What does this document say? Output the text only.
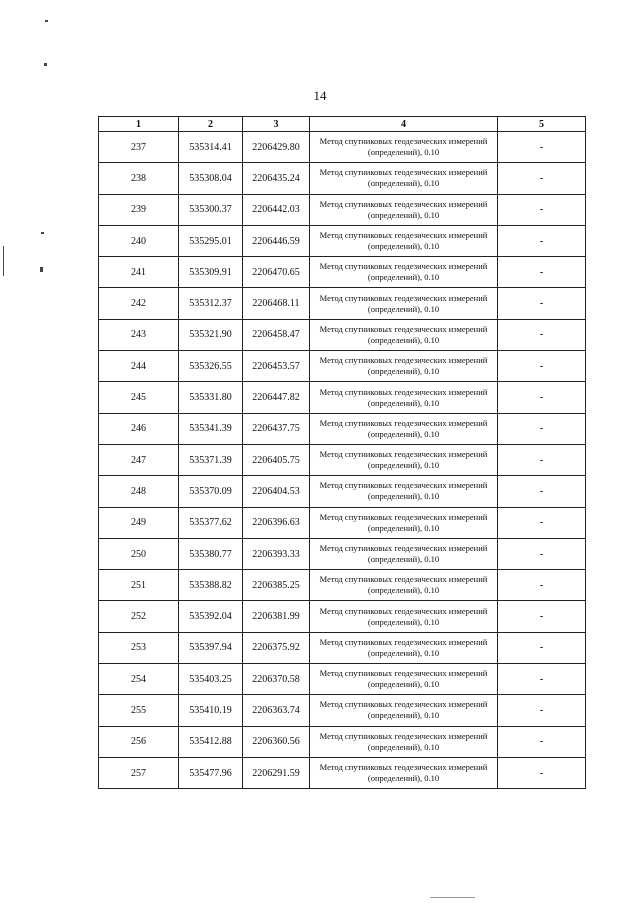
14
1	2	3	4	5
237	535314.41	2206429.80	Метод спутниковых геодезических измерений (определений), 0.10	-
238	535308.04	2206435.24	Метод спутниковых геодезических измерений (определений), 0.10	-
239	535300.37	2206442.03	Метод спутниковых геодезических измерений (определений), 0.10	-
240	535295.01	2206446.59	Метод спутниковых геодезических измерений (определений), 0.10	-
241	535309.91	2206470.65	Метод спутниковых геодезических измерений (определений), 0.10	-
242	535312.37	2206468.11	Метод спутниковых геодезических измерений (определений), 0.10	-
243	535321.90	2206458.47	Метод спутниковых геодезических измерений (определений), 0.10	-
244	535326.55	2206453.57	Метод спутниковых геодезических измерений (определений), 0.10	-
245	535331.80	2206447.82	Метод спутниковых геодезических измерений (определений), 0.10	-
246	535341.39	2206437.75	Метод спутниковых геодезических измерений (определений), 0.10	-
247	535371.39	2206405.75	Метод спутниковых геодезических измерений (определений), 0.10	-
248	535370.09	2206404.53	Метод спутниковых геодезических измерений (определений), 0.10	-
249	535377.62	2206396.63	Метод спутниковых геодезических измерений (определений), 0.10	-
250	535380.77	2206393.33	Метод спутниковых геодезических измерений (определений), 0.10	-
251	535388.82	2206385.25	Метод спутниковых геодезических измерений (определений), 0.10	-
252	535392.04	2206381.99	Метод спутниковых геодезических измерений (определений), 0.10	-
253	535397.94	2206375.92	Метод спутниковых геодезических измерений (определений), 0.10	-
254	535403.25	2206370.58	Метод спутниковых геодезических измерений (определений), 0.10	-
255	535410.19	2206363.74	Метод спутниковых геодезических измерений (определений), 0.10	-
256	535412.88	2206360.56	Метод спутниковых геодезических измерений (определений), 0.10	-
257	535477.96	2206291.59	Метод спутниковых геодезических измерений (определений), 0.10	-
